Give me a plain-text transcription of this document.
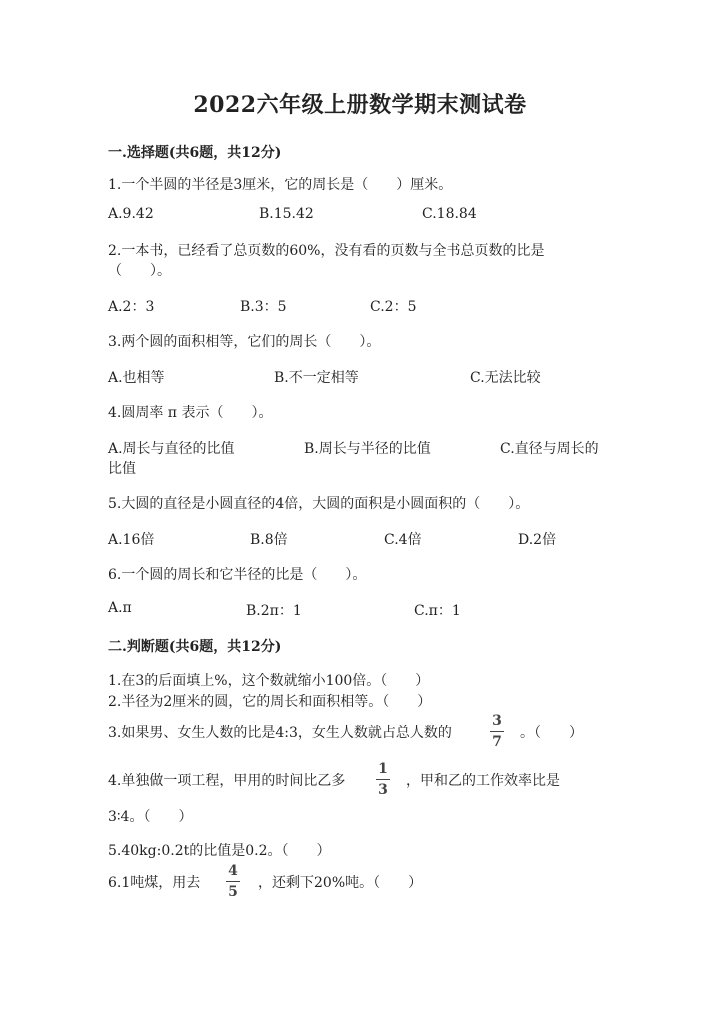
2022六年级上册数学期末测试卷
一.选择题(共6题，共12分)
1.一个半圆的半径是3厘米，它的周长是（　　）厘米。
A.9.42	B.15.42	C.18.84
2.一本书，已经看了总页数的60%，没有看的页数与全书总页数的比是
（　　）。
A.2：3	B.3：5	C.2：5
3.两个圆的面积相等，它们的周长（　　）。
A.也相等	B.不一定相等	C.无法比较
4.圆周率 π 表示（　　）。
A.周长与直径的比值	B.周长与半径的比值	C.直径与周长的
比值
5.大圆的直径是小圆直径的4倍，大圆的面积是小圆面积的（　　）。
A.16倍	B.8倍	C.4倍	D.2倍
6.一个圆的周长和它半径的比是（　　）。
A.π	B.2π：1	C.π：1
二.判断题(共6题，共12分)
1.在3的后面填上%，这个数就缩小100倍。（　　）
2.半径为2厘米的圆，它的周长和面积相等。（　　）
3.如果男、女生人数的比是4:3，女生人数就占总人数的
3
7
。（　　）
4.单独做一项工程，甲用的时间比乙多
1
3
，甲和乙的工作效率比是
3∶4。（　　）
5.40kg:0.2t的比值是0.2。（　　）
6.1吨煤，用去
4
5
，还剩下20%吨。（　　）
